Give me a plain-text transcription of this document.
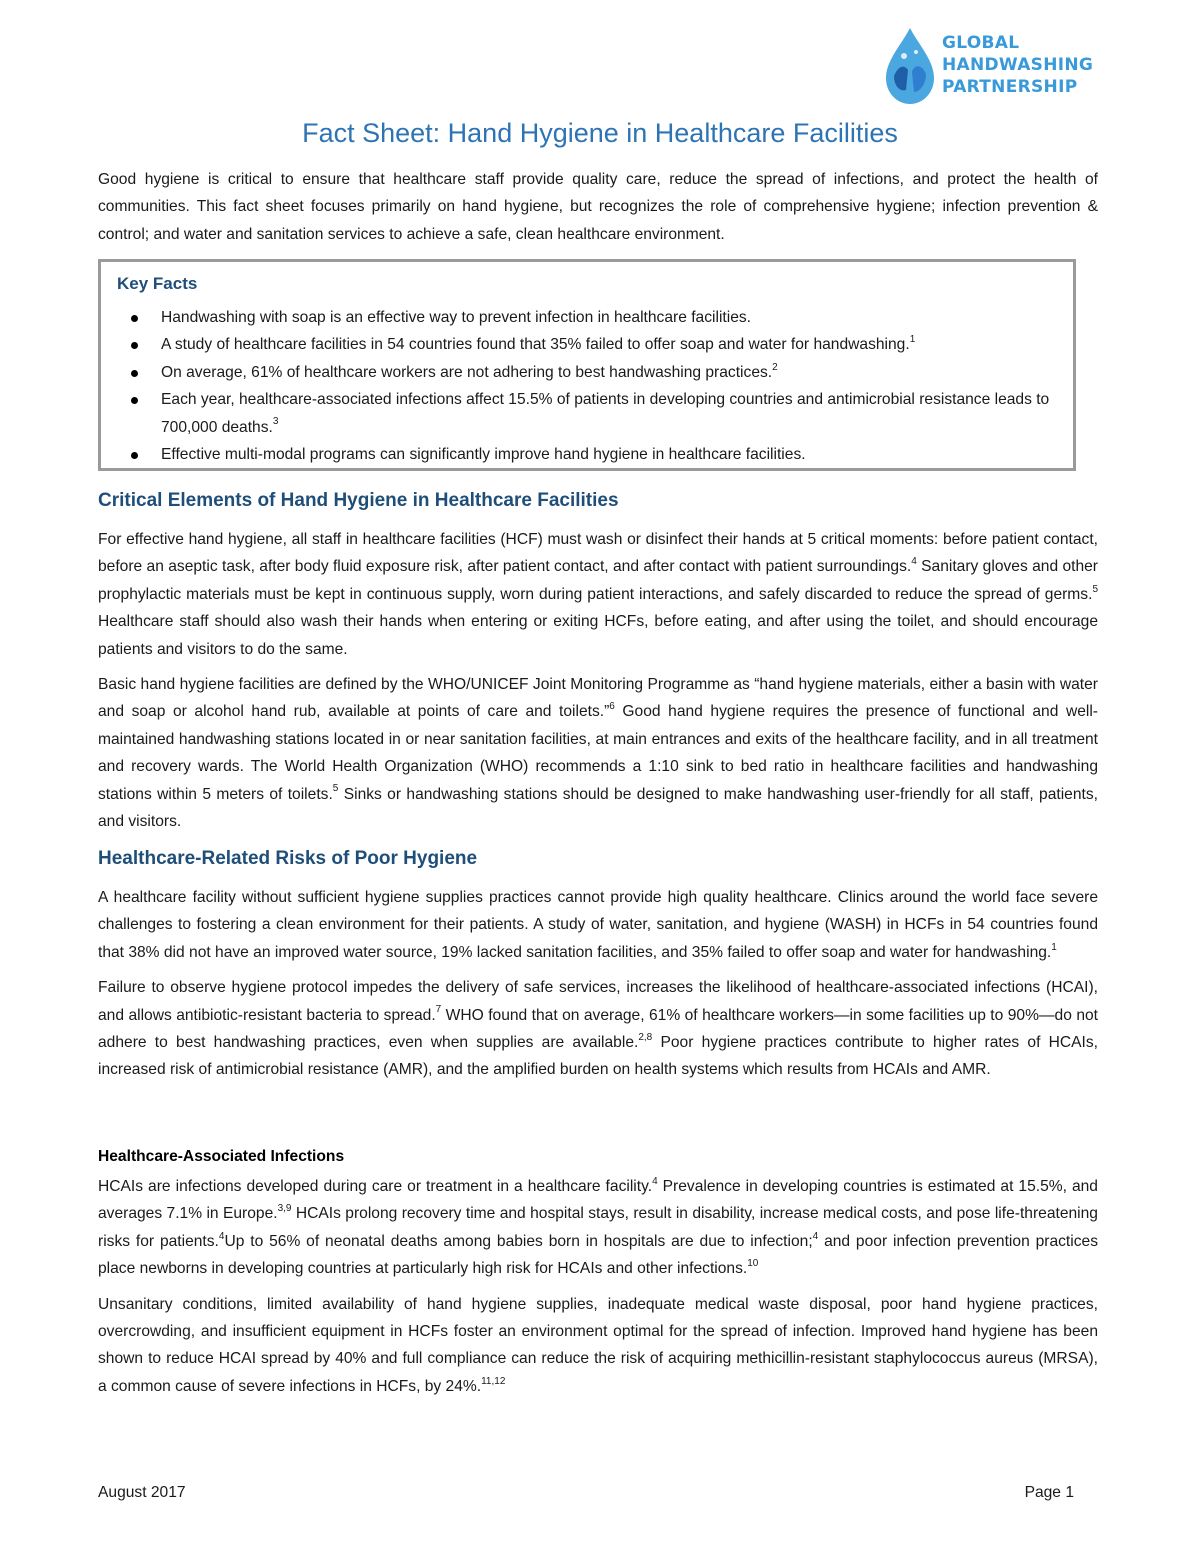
GLOBAL
HANDWASHING
PARTNERSHIP
Fact Sheet: Hand Hygiene in Healthcare Facilities

Good hygiene is critical to ensure that healthcare staff provide quality care, reduce the spread of infections, and protect the health of communities. This fact sheet focuses primarily on hand hygiene, but recognizes the role of comprehensive hygiene; infection prevention & control; and water and sanitation services to achieve a safe, clean healthcare environment.

Key Facts
Handwashing with soap is an effective way to prevent infection in healthcare facilities.
A study of healthcare facilities in 54 countries found that 35% failed to offer soap and water for handwashing.$^1$
On average, 61% of healthcare workers are not adhering to best handwashing practices.$^2$
Each year, healthcare-associated infections affect 15.5% of patients in developing countries and antimicrobial resistance leads to 700,000 deaths.$^3$
Effective multi-modal programs can significantly improve hand hygiene in healthcare facilities.
Critical Elements of Hand Hygiene in Healthcare Facilities

For effective hand hygiene, all staff in healthcare facilities (HCF) must wash or disinfect their hands at 5 critical moments: before patient contact, before an aseptic task, after body fluid exposure risk, after patient contact, and after contact with patient surroundings.$^4$ Sanitary gloves and other prophylactic materials must be kept in continuous supply, worn during patient interactions, and safely discarded to reduce the spread of germs.$^5$ Healthcare staff should also wash their hands when entering or exiting HCFs, before eating, and after using the toilet, and should encourage patients and visitors to do the same.

Basic hand hygiene facilities are defined by the WHO/UNICEF Joint Monitoring Programme as “hand hygiene materials, either a basin with water and soap or alcohol hand rub, available at points of care and toilets.”$^6$ Good hand hygiene requires the presence of functional and well-maintained handwashing stations located in or near sanitation facilities, at main entrances and exits of the healthcare facility, and in all treatment and recovery wards. The World Health Organization (WHO) recommends a 1:10 sink to bed ratio in healthcare facilities and handwashing stations within 5 meters of toilets.$^5$ Sinks or handwashing stations should be designed to make handwashing user-friendly for all staff, patients, and visitors.

Healthcare-Related Risks of Poor Hygiene

A healthcare facility without sufficient hygiene supplies practices cannot provide high quality healthcare. Clinics around the world face severe challenges to fostering a clean environment for their patients. A study of water, sanitation, and hygiene (WASH) in HCFs in 54 countries found that 38% did not have an improved water source, 19% lacked sanitation facilities, and 35% failed to offer soap and water for handwashing.$^1$

Failure to observe hygiene protocol impedes the delivery of safe services, increases the likelihood of healthcare-associated infections (HCAI), and allows antibiotic-resistant bacteria to spread.$^7$ WHO found that on average, 61% of healthcare workers—in some facilities up to 90%—do not adhere to best handwashing practices, even when supplies are available.$^{2,8}$ Poor hygiene practices contribute to higher rates of HCAIs, increased risk of antimicrobial resistance (AMR), and the amplified burden on health systems which results from HCAIs and AMR.

Healthcare-Associated Infections

HCAIs are infections developed during care or treatment in a healthcare facility.$^4$ Prevalence in developing countries is estimated at 15.5%, and averages 7.1% in Europe.$^{3,9}$ HCAIs prolong recovery time and hospital stays, result in disability, increase medical costs, and pose life-threatening risks for patients.$^4$Up to 56% of neonatal deaths among babies born in hospitals are due to infection;$^4$ and poor infection prevention practices place newborns in developing countries at particularly high risk for HCAIs and other infections.$^{10}$

Unsanitary conditions, limited availability of hand hygiene supplies, inadequate medical waste disposal, poor hand hygiene practices, overcrowding, and insufficient equipment in HCFs foster an environment optimal for the spread of infection. Improved hand hygiene has been shown to reduce HCAI spread by 40% and full compliance can reduce the risk of acquiring methicillin-resistant staphylococcus aureus (MRSA), a common cause of severe infections in HCFs, by 24%.$^{11,12}$

August 2017	Page 1
